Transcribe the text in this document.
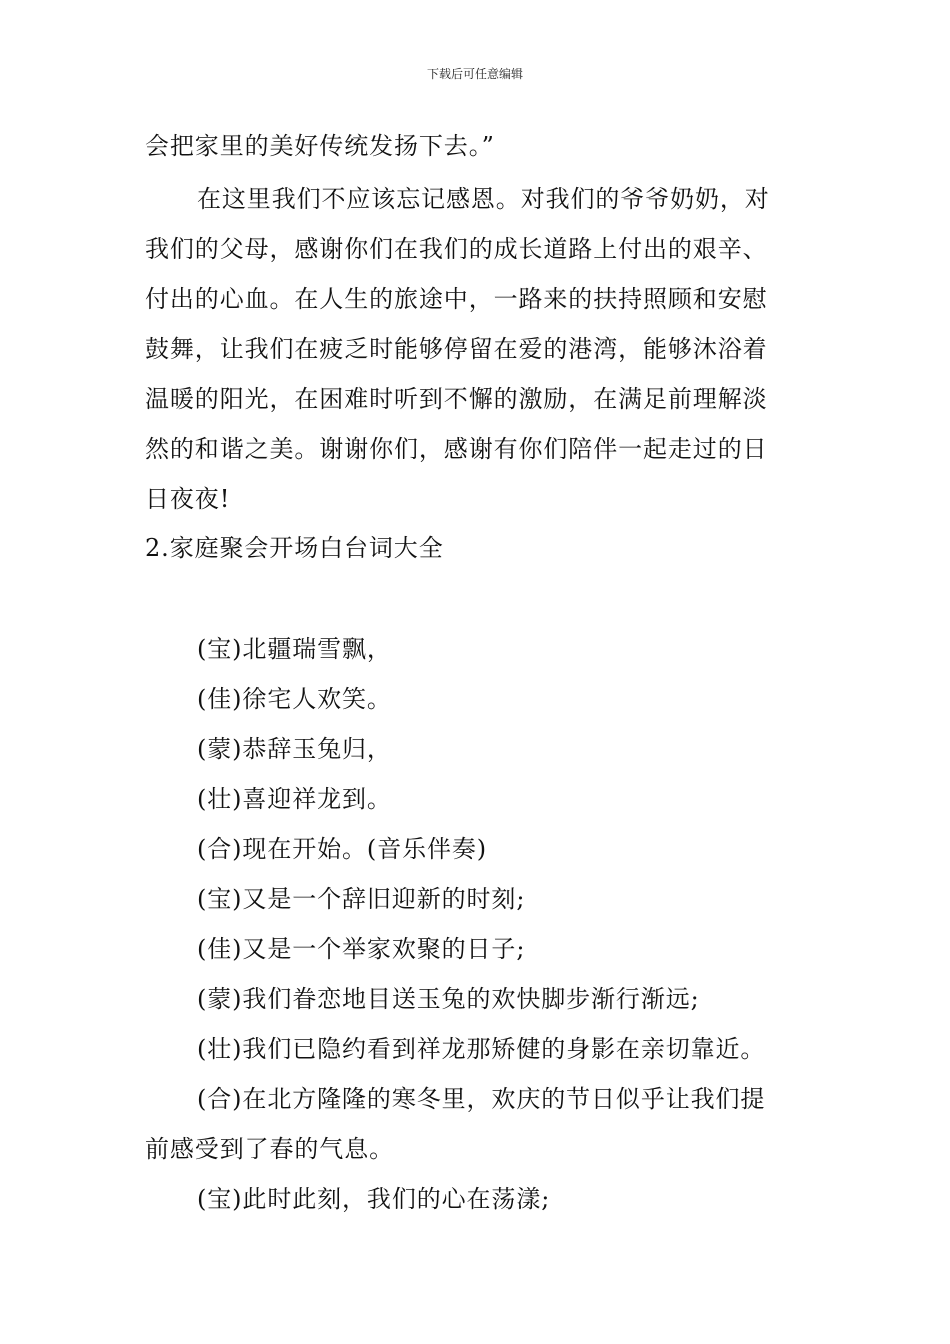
下载后可任意编辑
会把家里的美好传统发扬下去。”
在这里我们不应该忘记感恩。对我们的爷爷奶奶，对
我们的父母，感谢你们在我们的成长道路上付出的艰辛、
付出的心血。在人生的旅途中，一路来的扶持照顾和安慰
鼓舞，让我们在疲乏时能够停留在爱的港湾，能够沐浴着
温暖的阳光，在困难时听到不懈的激励，在满足前理解淡
然的和谐之美。谢谢你们，感谢有你们陪伴一起走过的日
日夜夜!
2.家庭聚会开场白台词大全
(宝)北疆瑞雪飘，
(佳)徐宅人欢笑。
(蒙)恭辞玉兔归，
(壮)喜迎祥龙到。
(合)现在开始。(音乐伴奏)
(宝)又是一个辞旧迎新的时刻;
(佳)又是一个举家欢聚的日子;
(蒙)我们眷恋地目送玉兔的欢快脚步渐行渐远;
(壮)我们已隐约看到祥龙那矫健的身影在亲切靠近。
(合)在北方隆隆的寒冬里，欢庆的节日似乎让我们提
前感受到了春的气息。
(宝)此时此刻，我们的心在荡漾;
